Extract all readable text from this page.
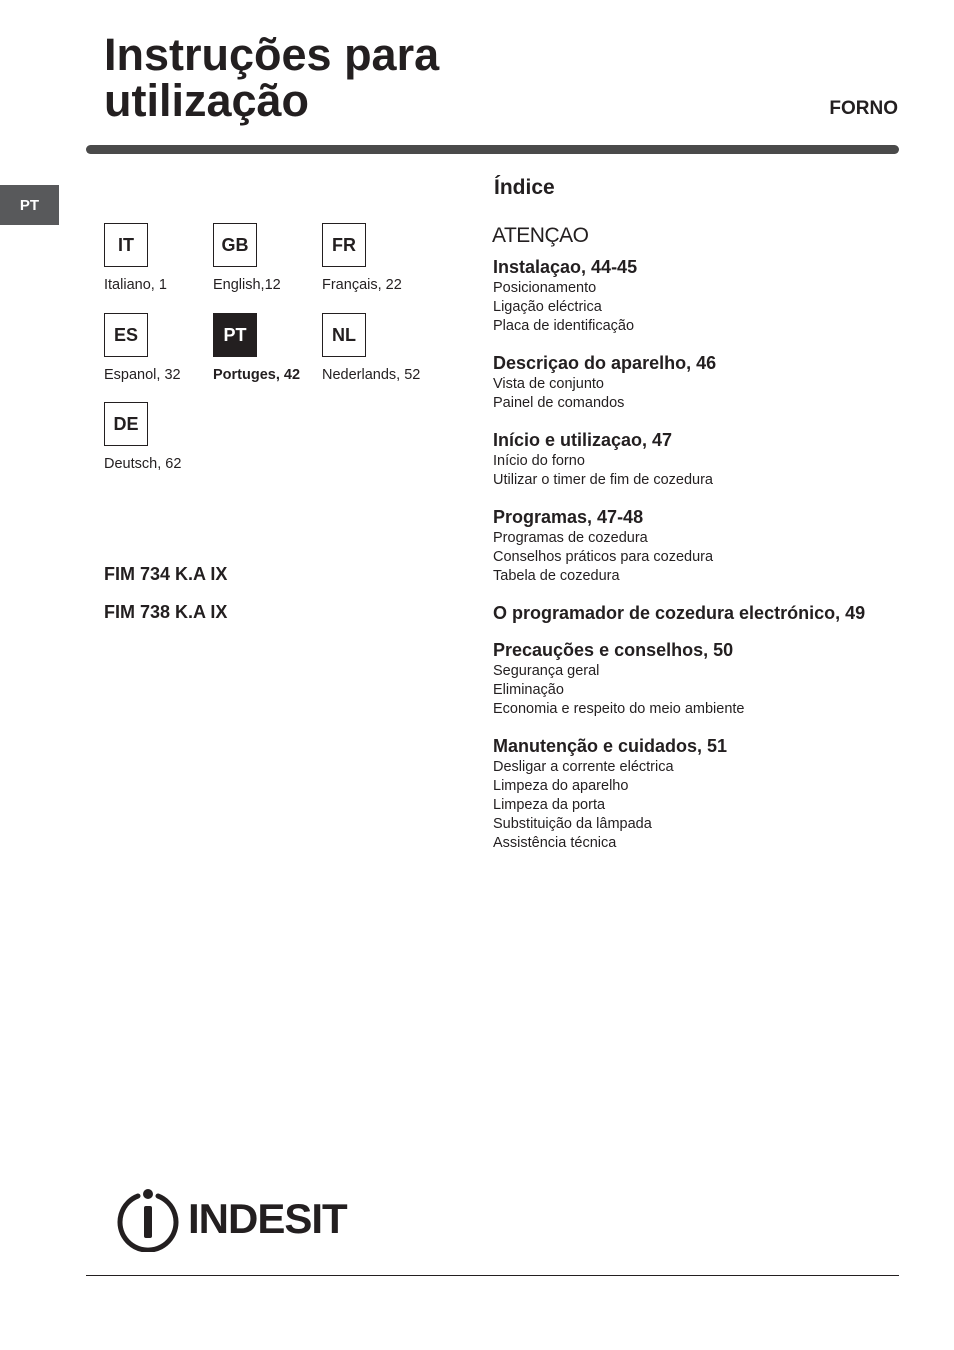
Instruções para
utilização	FORNO
PT
IT
Italiano, 1
GB
English,12
FR
Français, 22
ES
Espanol, 32
PT
Portuges, 42
NL
Nederlands, 52
DE
Deutsch, 62

FIM 734 K.A IX

FIM 738 K.A IX

Índice
ATENÇAO
Instalaçao, 44-45
Posicionamento
Ligação eléctrica
Placa de identificação
Descriçao do aparelho, 46
Vista de conjunto
Painel de comandos
Início e utilizaçao, 47
Início do forno
Utilizar o timer de fim de cozedura
Programas, 47-48
Programas de cozedura
Conselhos práticos para cozedura
Tabela de cozedura
O programador de cozedura electrónico, 49
Precauções e conselhos, 50
Segurança geral
Eliminação
Economia e respeito do meio ambiente
Manutenção e cuidados, 51
Desligar a corrente eléctrica
Limpeza do aparelho
Limpeza da porta
Substituição da lâmpada
Assistência técnica
INDESIT
